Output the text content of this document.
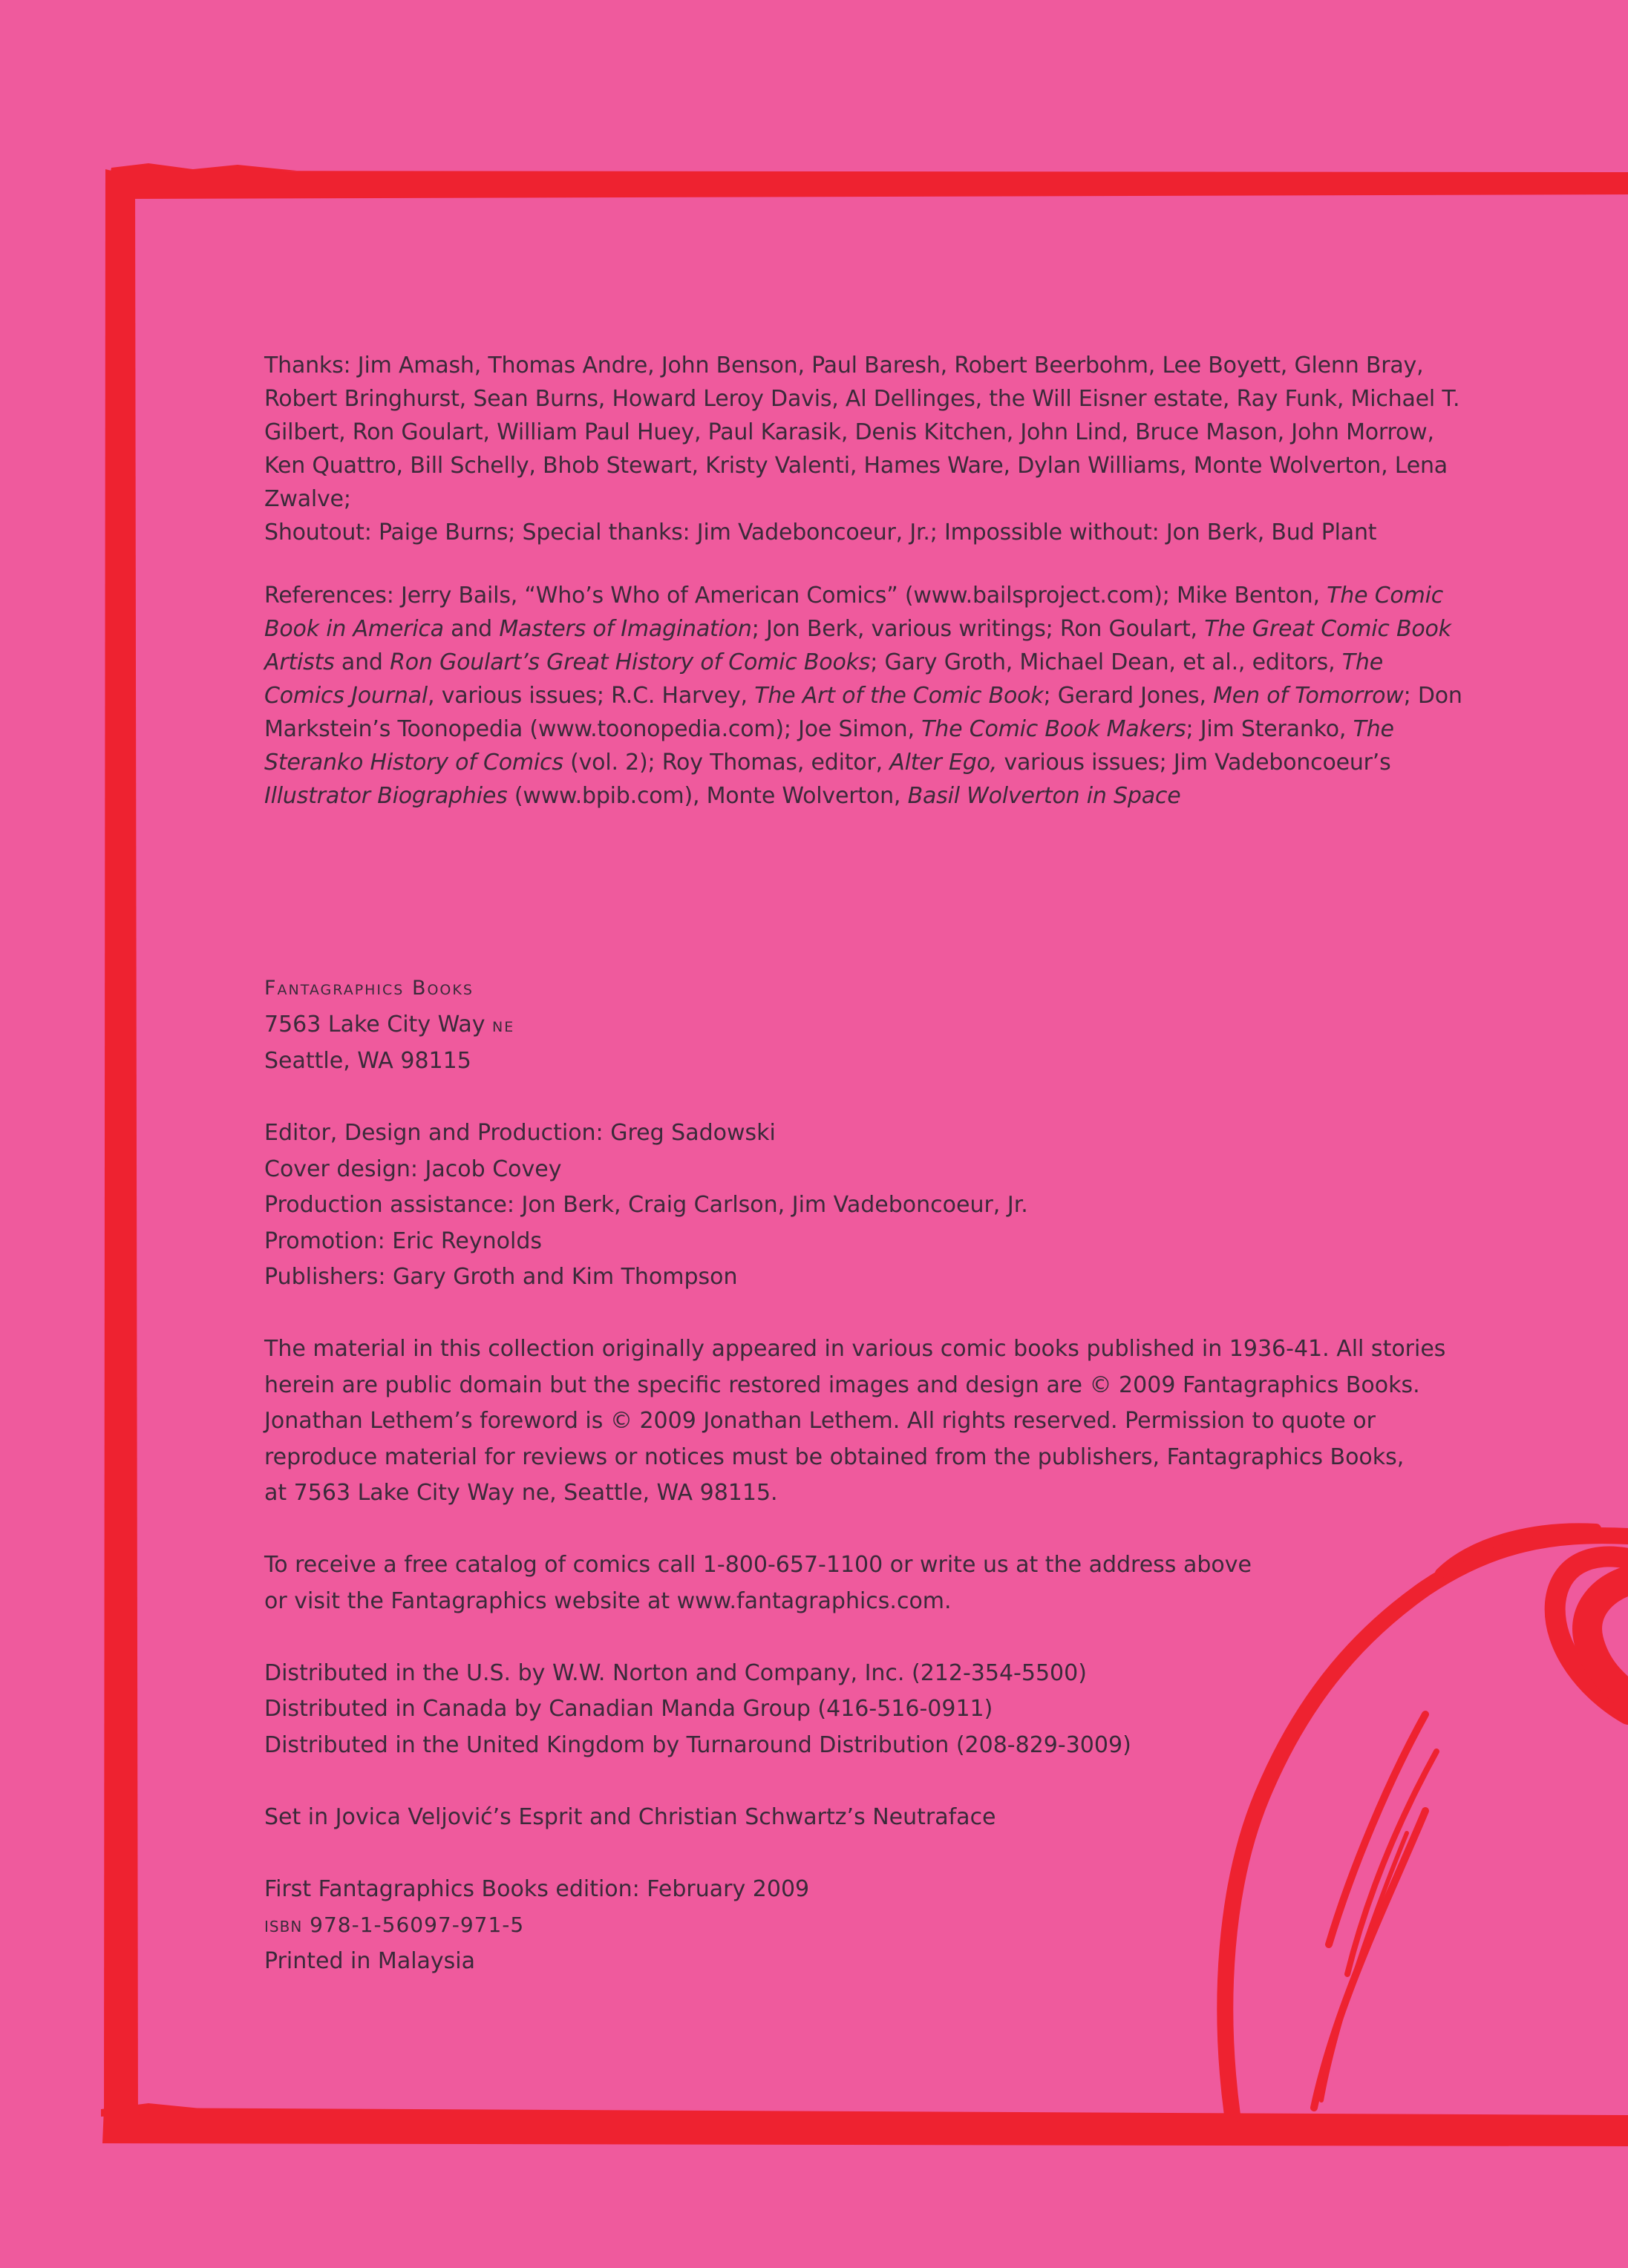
Thanks: Jim Amash, Thomas Andre, John Benson, Paul Baresh, Robert Beerbohm, Lee Boyett, Glenn Bray, Robert Bringhurst, Sean Burns, Howard Leroy Davis, Al Dellinges, the Will Eisner estate, Ray Funk, Michael T. Gilbert, Ron Goulart, William Paul Huey, Paul Karasik, Denis Kitchen, John Lind, Bruce Mason, John Morrow, Ken Quattro, Bill Schelly, Bhob Stewart, Kristy Valenti, Hames Ware, Dylan Williams, Monte Wolverton, Lena Zwalve;
Shoutout: Paige Burns; Special thanks: Jim Vadeboncoeur, Jr.; Impossible without: Jon Berk, Bud Plant

References: Jerry Bails, “Who’s Who of American Comics” (www.bailsproject.com); Mike Benton, The Comic Book in America and Masters of Imagination; Jon Berk, various writings; Ron Goulart, The Great Comic Book Artists and Ron Goulart’s Great History of Comic Books; Gary Groth, Michael Dean, et al., editors, The Comics Journal, various issues; R.C. Harvey, The Art of the Comic Book; Gerard Jones, Men of Tomorrow; Don Markstein’s Toonopedia (www.toonopedia.com); Joe Simon, The Comic Book Makers; Jim Steranko, The Steranko History of Comics (vol. 2); Roy Thomas, editor, Alter Ego, various issues; Jim Vadeboncoeur’s Illustrator Biographies (www.bpib.com), Monte Wolverton, Basil Wolverton in Space

Fantagraphics Books
7563 Lake City Way ne
Seattle, WA 98115
Editor, Design and Production: Greg Sadowski
Cover design: Jacob Covey
Production assistance: Jon Berk, Craig Carlson, Jim Vadeboncoeur, Jr.
Promotion: Eric Reynolds
Publishers: Gary Groth and Kim Thompson
The material in this collection originally appeared in various comic books published in 1936-41. All stories
herein are public domain but the specific restored images and design are © 2009 Fantagraphics Books.
Jonathan Lethem’s foreword is © 2009 Jonathan Lethem. All rights reserved. Permission to quote or
reproduce material for reviews or notices must be obtained from the publishers, Fantagraphics Books,
at 7563 Lake City Way ne, Seattle, WA 98115.
To receive a free catalog of comics call 1-800-657-1100 or write us at the address above
or visit the Fantagraphics website at www.fantagraphics.com.
Distributed in the U.S. by W.W. Norton and Company, Inc. (212-354-5500)
Distributed in Canada by Canadian Manda Group (416-516-0911)
Distributed in the United Kingdom by Turnaround Distribution (208-829-3009)
Set in Jovica Veljović’s Esprit and Christian Schwartz’s Neutraface
First Fantagraphics Books edition: February 2009
isbn 978-1-56097-971-5
Printed in Malaysia
